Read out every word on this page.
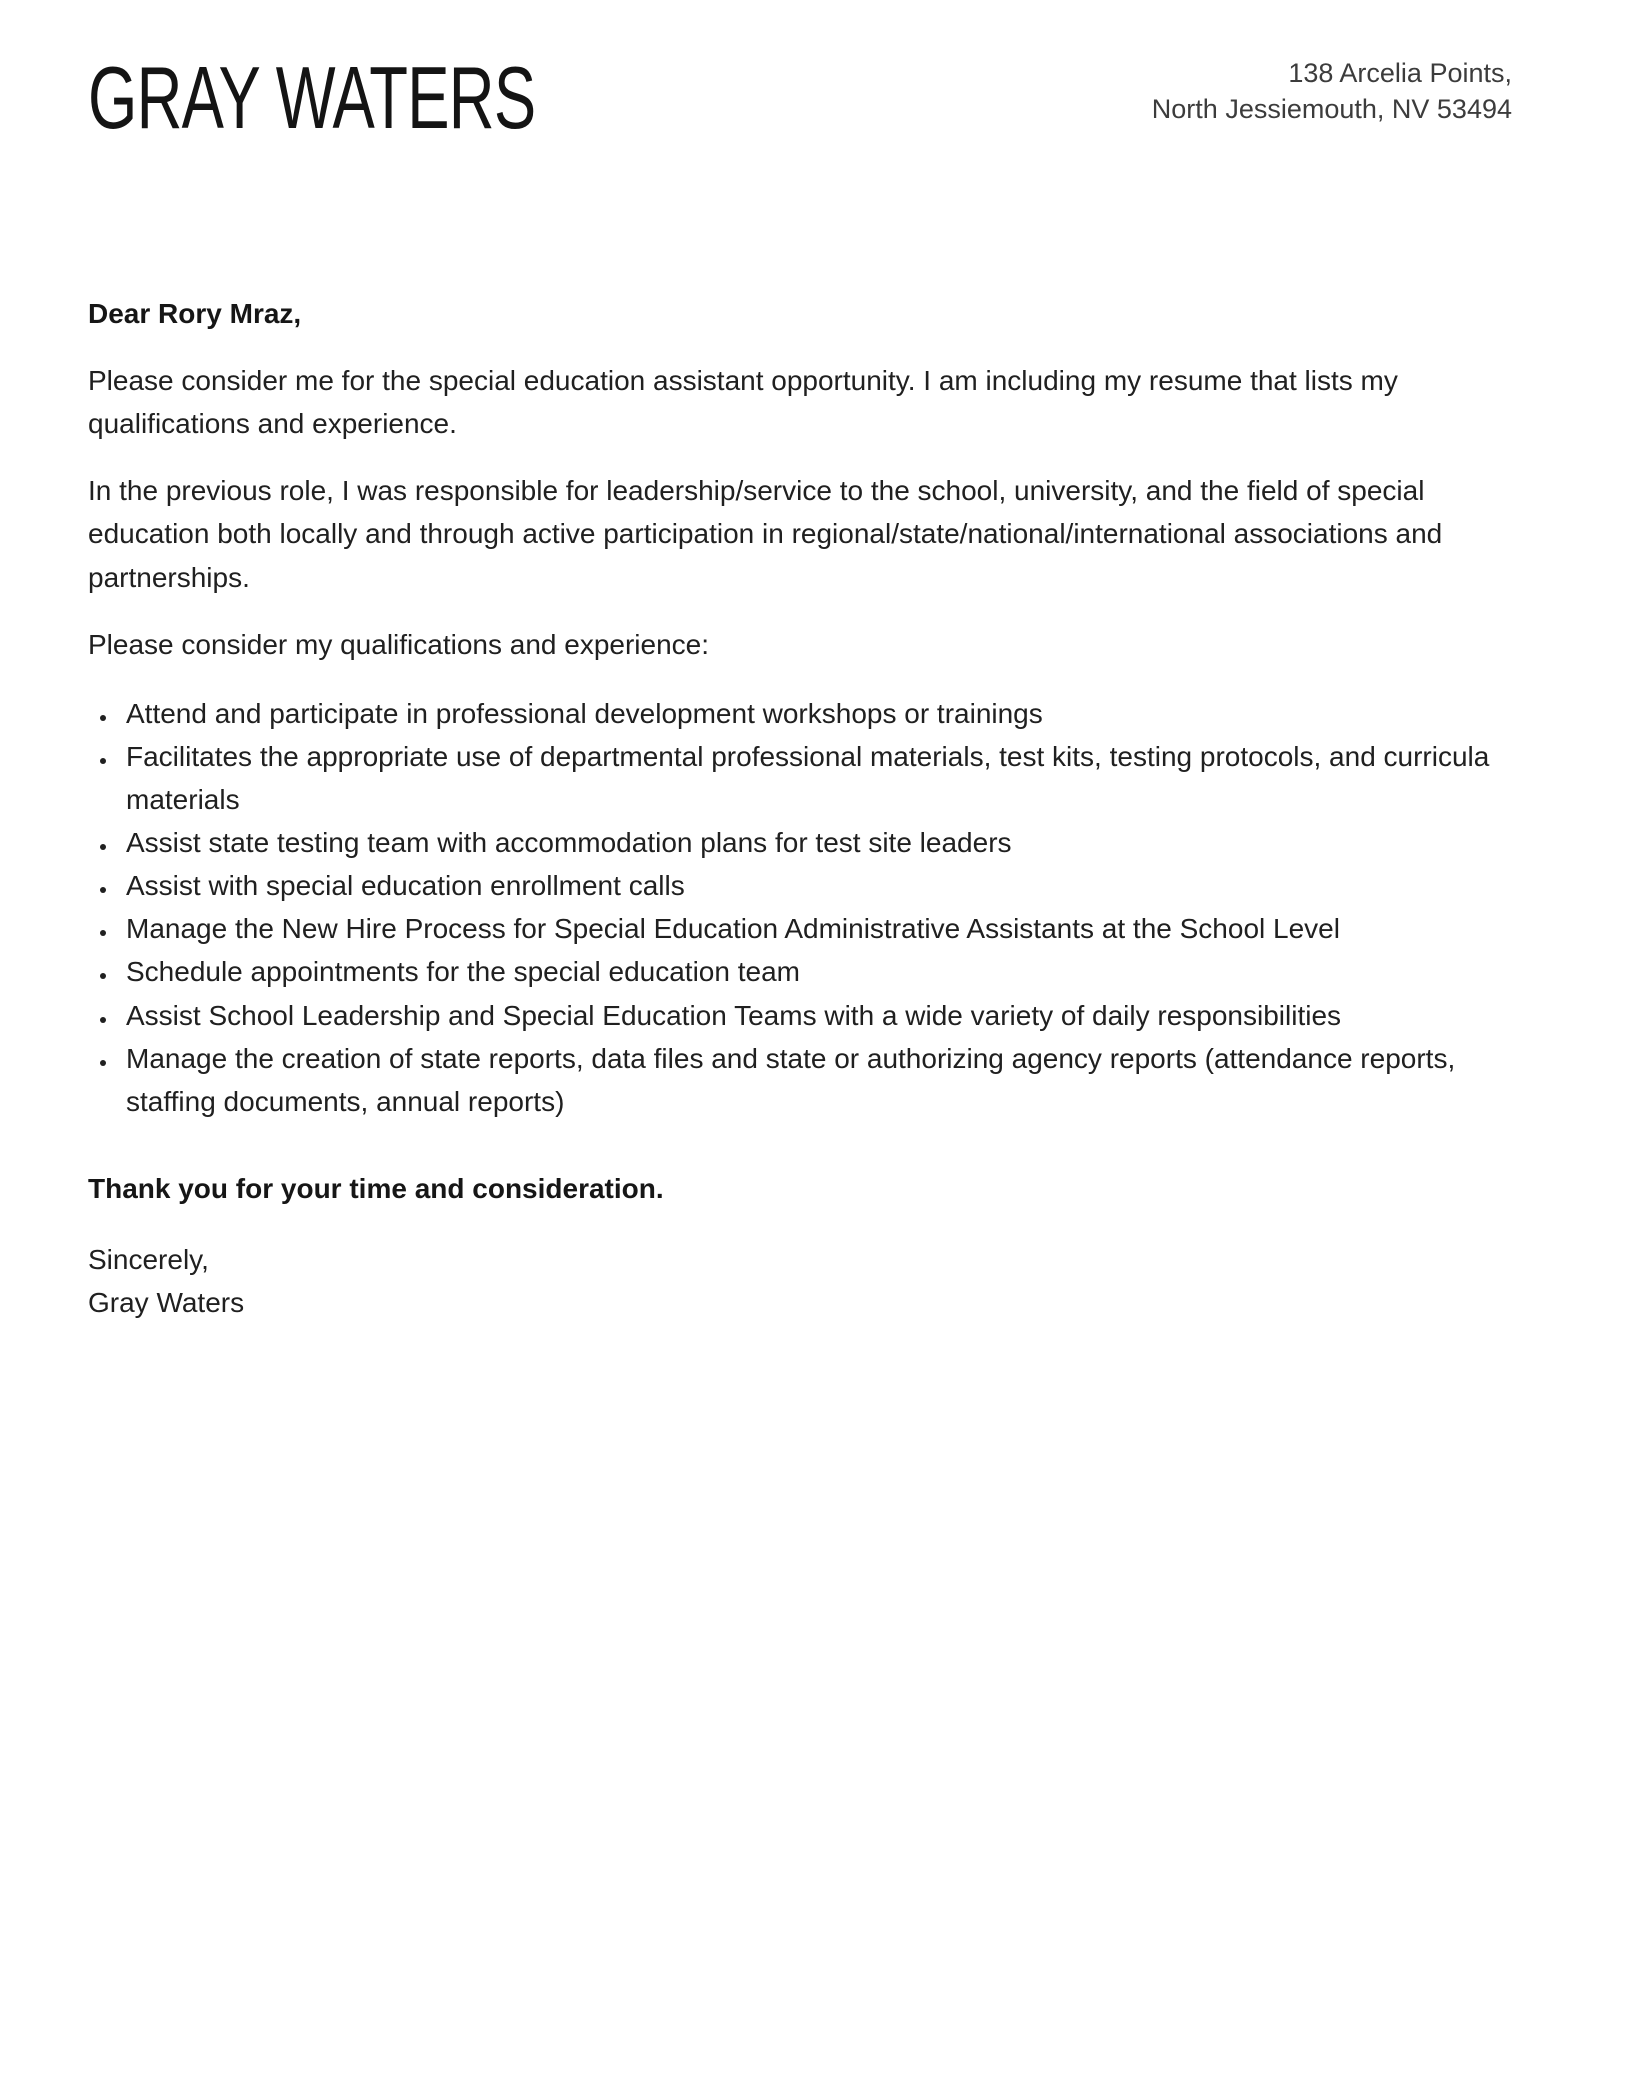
GRAY WATERS	138 Arcelia Points,
North Jessiemouth, NV 53494

Dear Rory Mraz,

Please consider me for the special education assistant opportunity. I am including my resume that lists my qualifications and experience.

In the previous role, I was responsible for leadership/service to the school, university, and the field of special education both locally and through active participation in regional/state/national/international associations and partnerships.

Please consider my qualifications and experience:

• Attend and participate in professional development workshops or trainings
• Facilitates the appropriate use of departmental professional materials, test kits, testing protocols, and curricula materials
• Assist state testing team with accommodation plans for test site leaders
• Assist with special education enrollment calls
• Manage the New Hire Process for Special Education Administrative Assistants at the School Level
• Schedule appointments for the special education team
• Assist School Leadership and Special Education Teams with a wide variety of daily responsibilities
• Manage the creation of state reports, data files and state or authorizing agency reports (attendance reports, staffing documents, annual reports)

Thank you for your time and consideration.

Sincerely,
Gray Waters
